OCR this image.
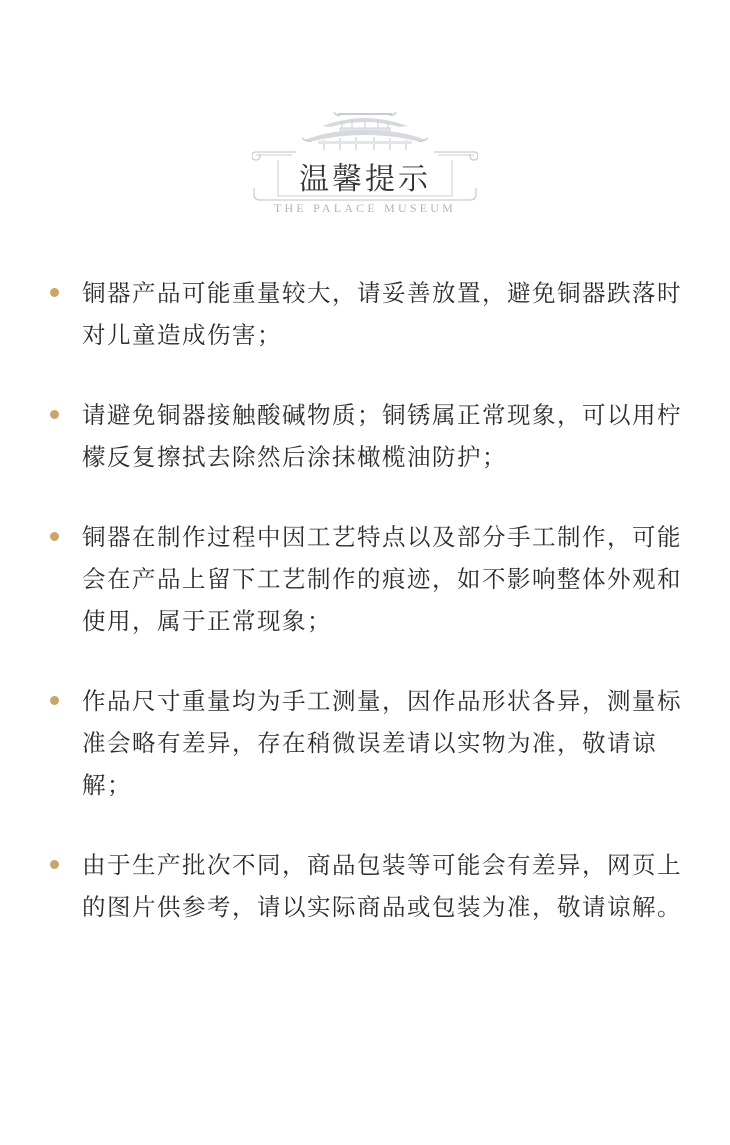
温馨提示
THE PALACE MUSEUM
铜器产品可能重量较大，请妥善放置，避免铜器跌落时对儿童造成伤害；
请避免铜器接触酸碱物质；铜锈属正常现象，可以用柠檬反复擦拭去除然后涂抹橄榄油防护；
铜器在制作过程中因工艺特点以及部分手工制作，可能会在产品上留下工艺制作的痕迹，如不影响整体外观和使用，属于正常现象；
作品尺寸重量均为手工测量，因作品形状各异，测量标准会略有差异，存在稍微误差请以实物为准，敬请谅解；
由于生产批次不同，商品包装等可能会有差异，网页上的图片供参考，请以实际商品或包装为准，敬请谅解。
